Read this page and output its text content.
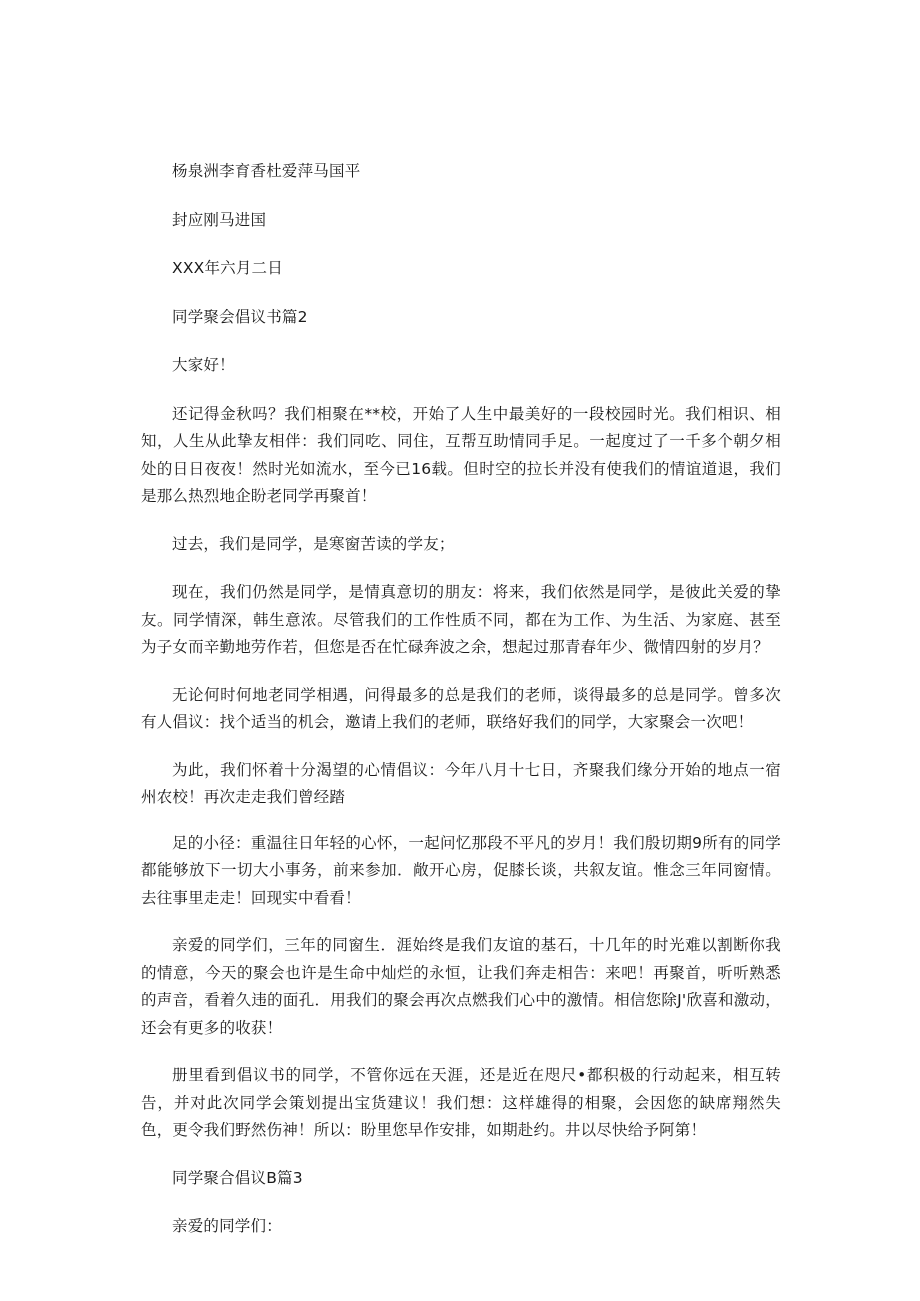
杨泉洲李育香杜爱萍马国平

封应刚马进国

XXX年六月二日

同学聚会倡议书篇2

大家好！

还记得金秋吗？我们相聚在**校，开始了人生中最美好的一段校园时光。我们相识、相知，人生从此挚友相伴：我们同吃、同住，互帮互助情同手足。一起度过了一千多个朝夕相处的日日夜夜！然时光如流水，至今已16载。但时空的拉长并没有使我们的情谊道退，我们是那么热烈地企盼老同学再聚首！

过去，我们是同学，是寒窗苦读的学友；

现在，我们仍然是同学，是情真意切的朋友：将来，我们依然是同学，是彼此关爱的挚友。同学情深，韩生意浓。尽管我们的工作性质不同，都在为工作、为生活、为家庭、甚至为子女而辛勤地劳作若，但您是否在忙碌奔波之余，想起过那青春年少、微情四射的岁月？

无论何时何地老同学相遇，问得最多的总是我们的老师，谈得最多的总是同学。曾多次有人倡议：找个适当的机会，邀请上我们的老师，联络好我们的同学，大家聚会一次吧！

为此，我们怀着十分渴望的心情倡议：今年八月十七日，齐聚我们缘分开始的地点一宿州农校！再次走走我们曾经踏

足的小径：重温往日年轻的心怀，一起问忆那段不平凡的岁月！我们殷切期9所有的同学都能够放下一切大小事务，前来参加．敞开心房，促膝长谈，共叙友谊。惟念三年同窗情。去往事里走走！回现实中看看！

亲爱的同学们，三年的同窗生．涯始终是我们友谊的基石，十几年的时光难以割断你我的情意，今天的聚会也许是生命中灿烂的永恒，让我们奔走相告：来吧！再聚首，听听熟悉的声音，看着久违的面孔．用我们的聚会再次点燃我们心中的激情。相信您除J'欣喜和激动，还会有更多的收获！

册里看到倡议书的同学，不管你远在天涯，还是近在咫尺•都积极的行动起来，相互转告，并对此次同学会策划提出宝货建议！我们想：这样雄得的相聚，会因您的缺席翔然失色，更令我们野然伤神！所以：盼里您早作安排，如期赴约。井以尽快给予阿第！

同学聚合倡议B篇3

亲爱的同学们：
